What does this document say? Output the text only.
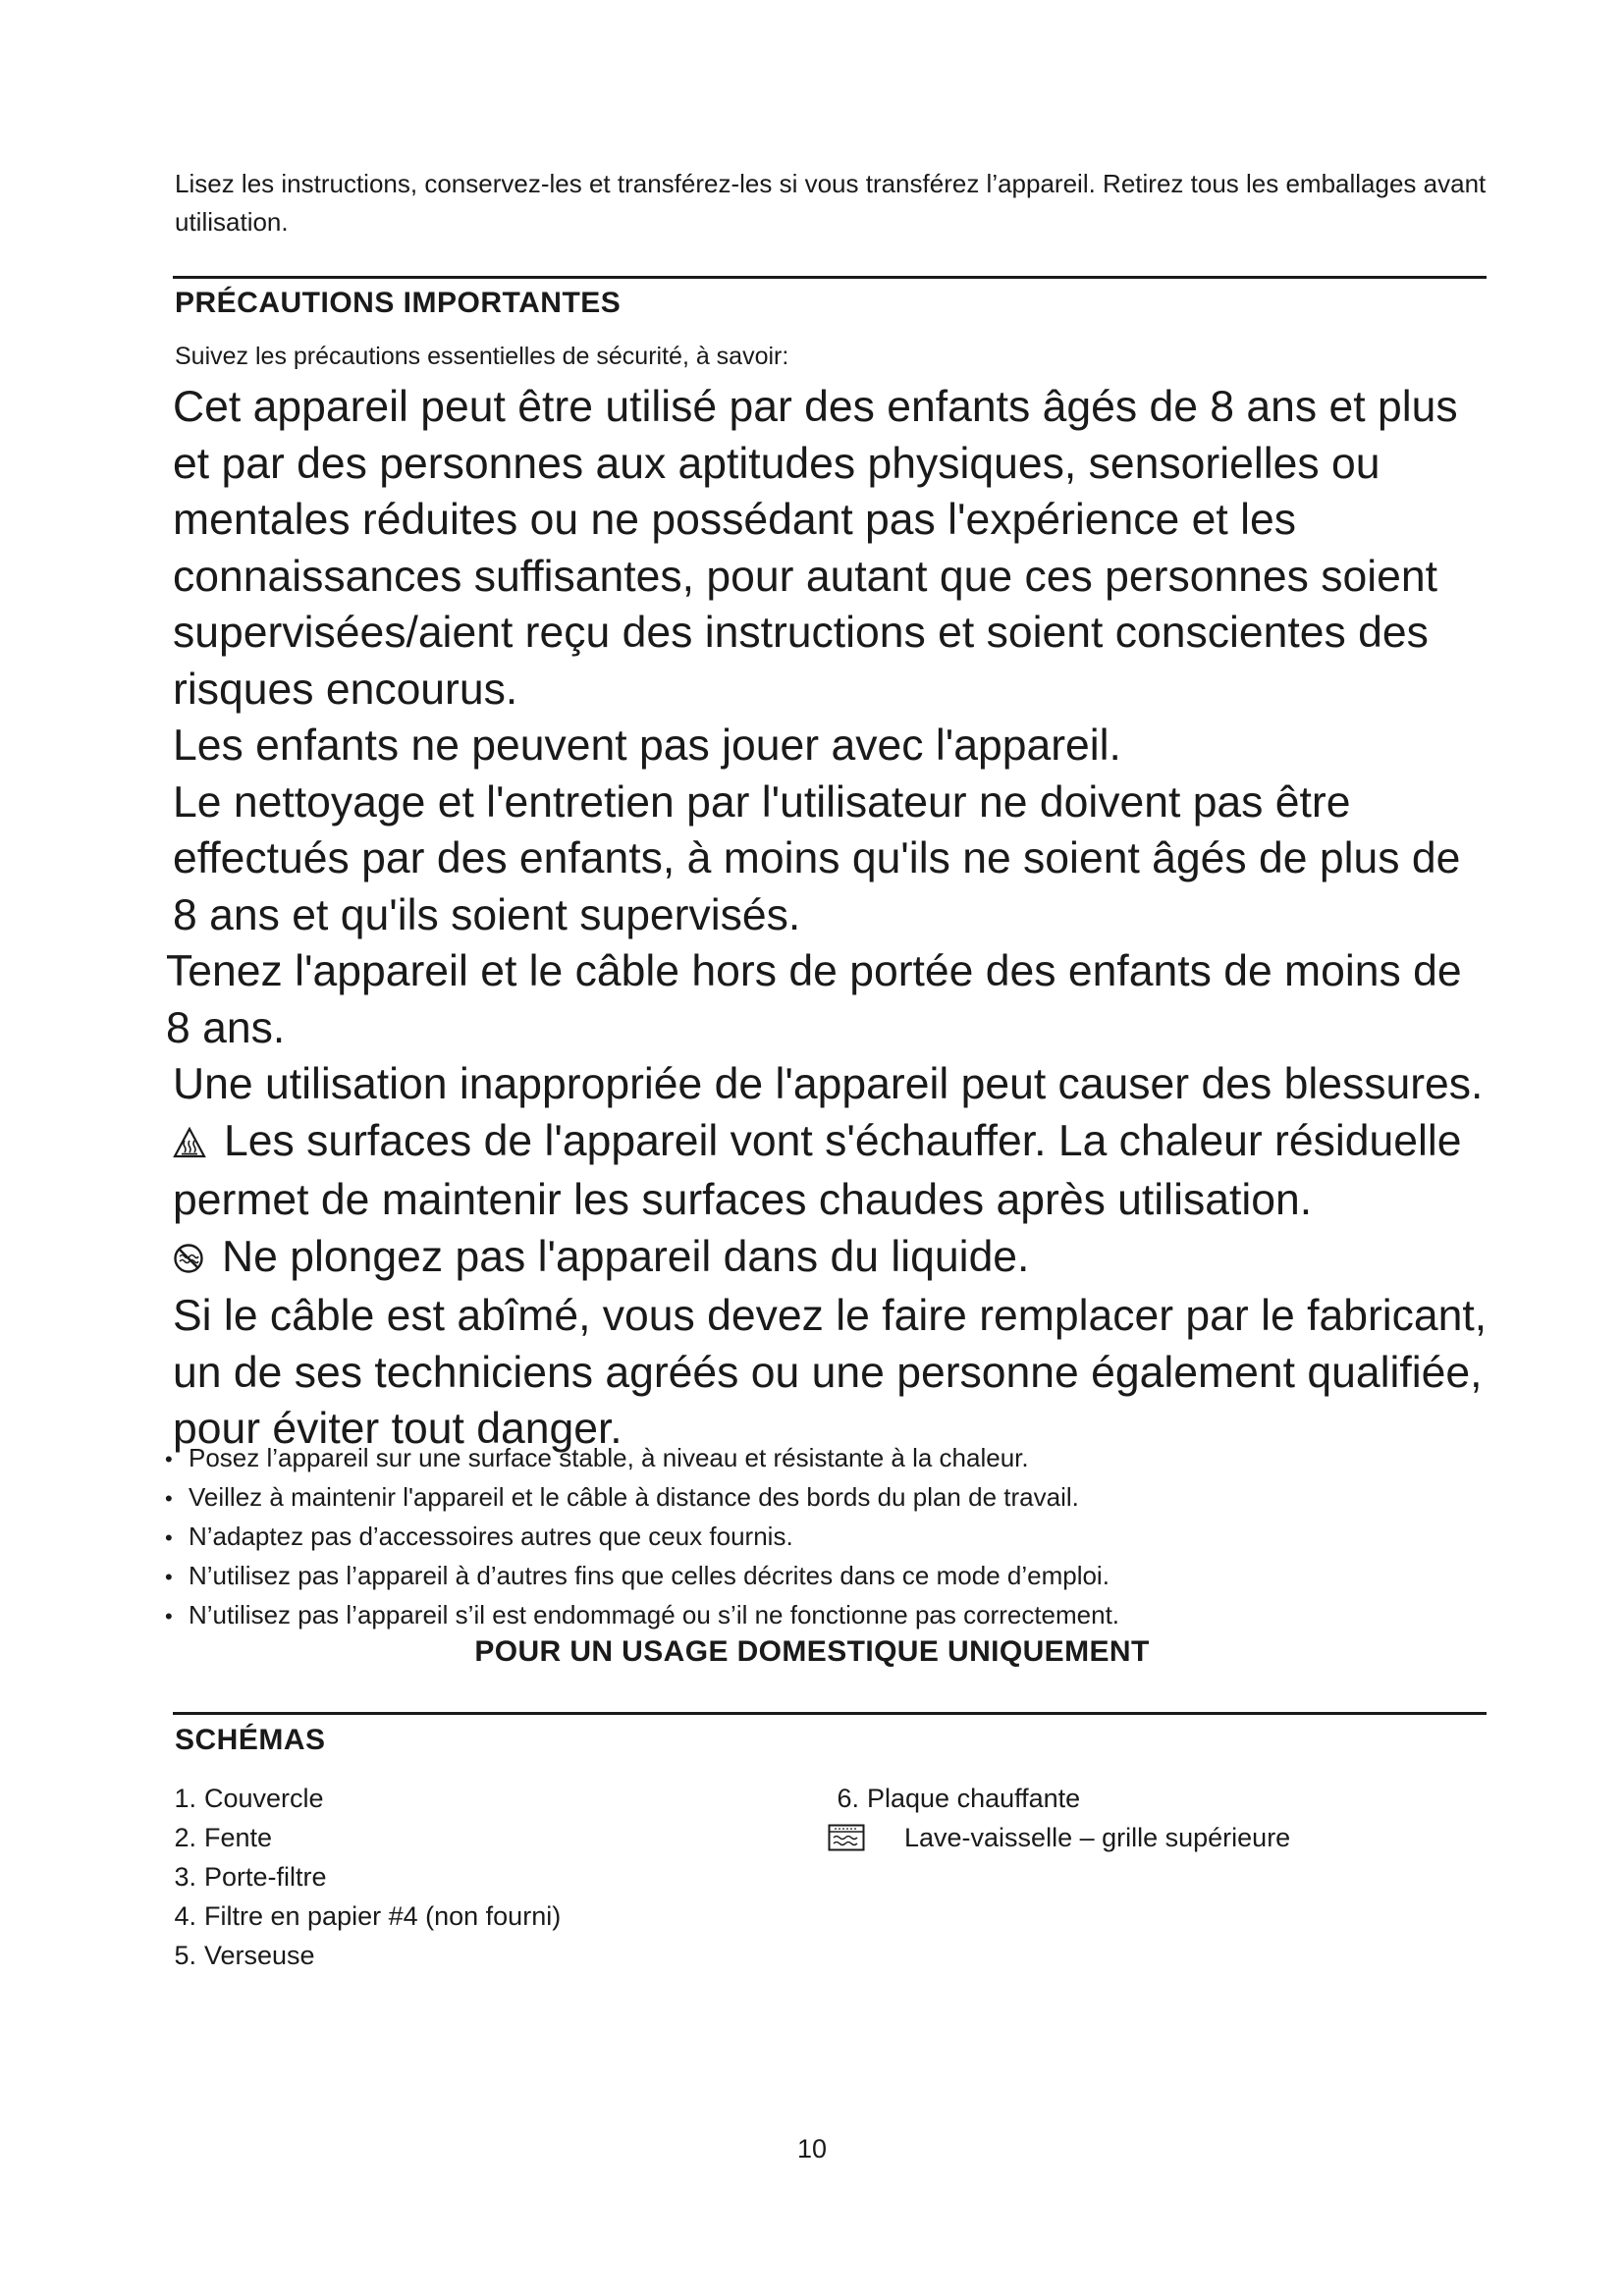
Lisez les instructions, conservez-les et transférez-les si vous transférez l’appareil. Retirez tous les emballages avant utilisation.

PRÉCAUTIONS IMPORTANTES

Suivez les précautions essentielles de sécurité, à savoir:

Cet appareil peut être utilisé par des enfants âgés de 8 ans et plus et par des personnes aux aptitudes physiques, sensorielles ou mentales réduites ou ne possédant pas l'expérience et les connaissances suffisantes, pour autant que ces personnes soient supervisées/aient reçu des instructions et soient conscientes des risques encourus.

Les enfants ne peuvent pas jouer avec l'appareil.

Le nettoyage et l'entretien par l'utilisateur ne doivent pas être effectués par des enfants, à moins qu'ils ne soient âgés de plus de 8 ans et qu'ils soient supervisés.

Tenez l'appareil et le câble hors de portée des enfants de moins de 8 ans.

Une utilisation inappropriée de l'appareil peut causer des blessures.

Les surfaces de l'appareil vont s'échauffer. La chaleur résiduelle permet de maintenir les surfaces chaudes après utilisation.

Ne plongez pas l'appareil dans du liquide.

Si le câble est abîmé, vous devez le faire remplacer par le fabricant, un de ses techniciens agréés ou une personne également qualifiée, pour éviter tout danger.

• Posez l’appareil sur une surface stable, à niveau et résistante à la chaleur.
• Veillez à maintenir l'appareil et le câble à distance des bords du plan de travail.
• N’adaptez pas d’accessoires autres que ceux fournis.
• N’utilisez pas l’appareil à d’autres fins que celles décrites dans ce mode d’emploi.
• N’utilisez pas l’appareil s’il est endommagé ou s’il ne fonctionne pas correctement.

POUR UN USAGE DOMESTIQUE UNIQUEMENT

SCHÉMAS
1. Couvercle
2. Fente
3. Porte-filtre
4. Filtre en papier #4 (non fourni)
5. Verseuse
6. Plaque chauffante
Lave-vaisselle – grille supérieure

10
